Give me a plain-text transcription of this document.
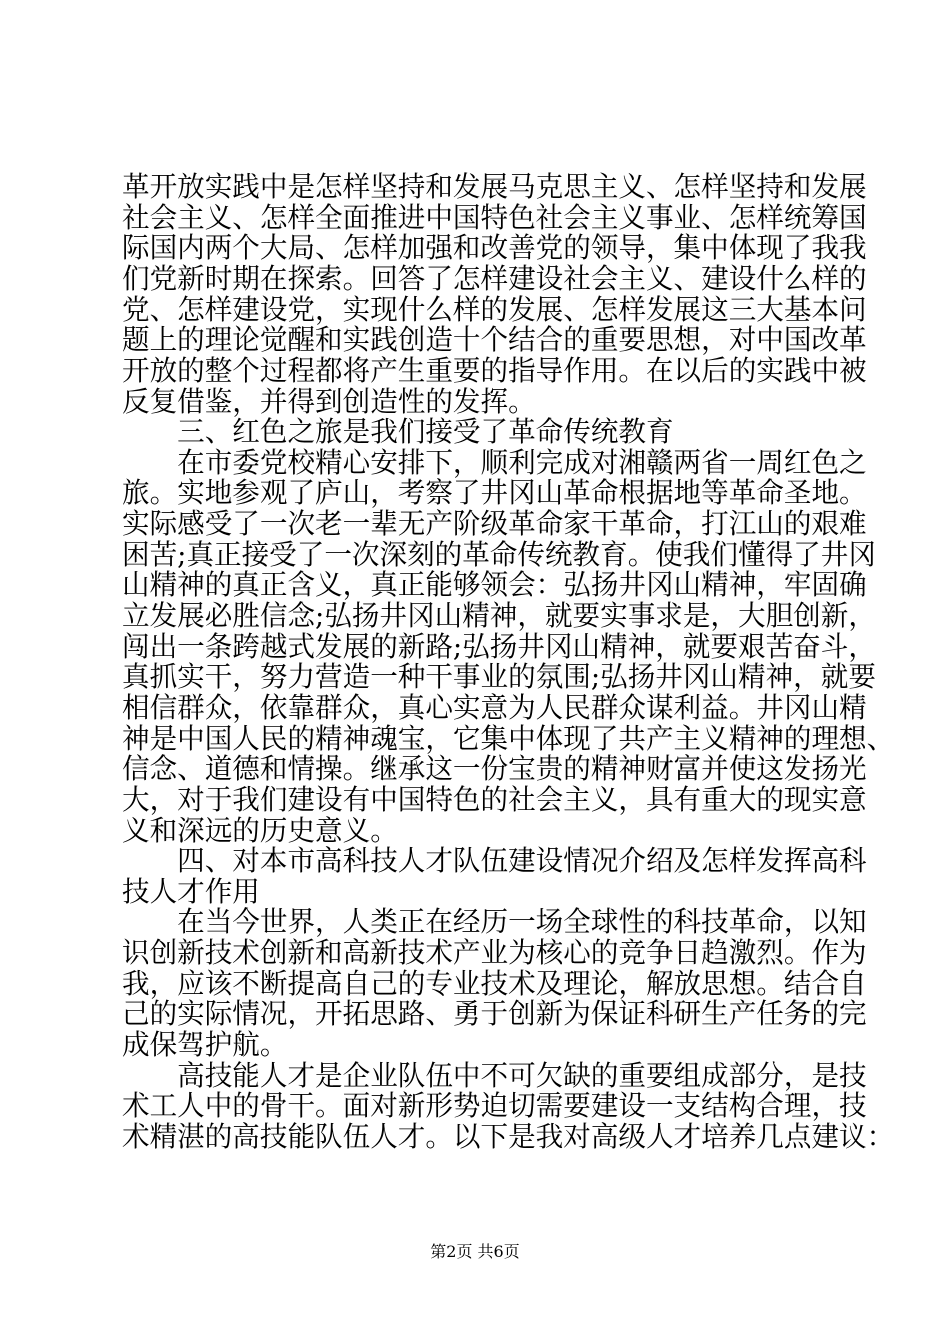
革开放实践中是怎样坚持和发展马克思主义、怎样坚持和发展
社会主义、怎样全面推进中国特色社会主义事业、怎样统筹国
际国内两个大局、怎样加强和改善党的领导，集中体现了我我
们党新时期在探索。回答了怎样建设社会主义、建设什么样的
党、怎样建设党，实现什么样的发展、怎样发展这三大基本问
题上的理论觉醒和实践创造十个结合的重要思想，对中国改革
开放的整个过程都将产生重要的指导作用。在以后的实践中被
反复借鉴，并得到创造性的发挥。
　　三、红色之旅是我们接受了革命传统教育
　　在市委党校精心安排下，顺利完成对湘赣两省一周红色之
旅。实地参观了庐山，考察了井冈山革命根据地等革命圣地。
实际感受了一次老一辈无产阶级革命家干革命，打江山的艰难
困苦;真正接受了一次深刻的革命传统教育。使我们懂得了井冈
山精神的真正含义，真正能够领会：弘扬井冈山精神，牢固确
立发展必胜信念;弘扬井冈山精神，就要实事求是，大胆创新，
闯出一条跨越式发展的新路;弘扬井冈山精神，就要艰苦奋斗，
真抓实干，努力营造一种干事业的氛围;弘扬井冈山精神，就要
相信群众，依靠群众，真心实意为人民群众谋利益。井冈山精
神是中国人民的精神魂宝，它集中体现了共产主义精神的理想、
信念、道德和情操。继承这一份宝贵的精神财富并使这发扬光
大，对于我们建设有中国特色的社会主义，具有重大的现实意
义和深远的历史意义。
　　四、对本市高科技人才队伍建设情况介绍及怎样发挥高科
技人才作用
　　在当今世界，人类正在经历一场全球性的科技革命，以知
识创新技术创新和高新技术产业为核心的竞争日趋激烈。作为
我，应该不断提高自己的专业技术及理论，解放思想。结合自
己的实际情况，开拓思路、勇于创新为保证科研生产任务的完
成保驾护航。
　　高技能人才是企业队伍中不可欠缺的重要组成部分，是技
术工人中的骨干。面对新形势迫切需要建设一支结构合理，技
术精湛的高技能队伍人才。以下是我对高级人才培养几点建议：
第2页 共6页
